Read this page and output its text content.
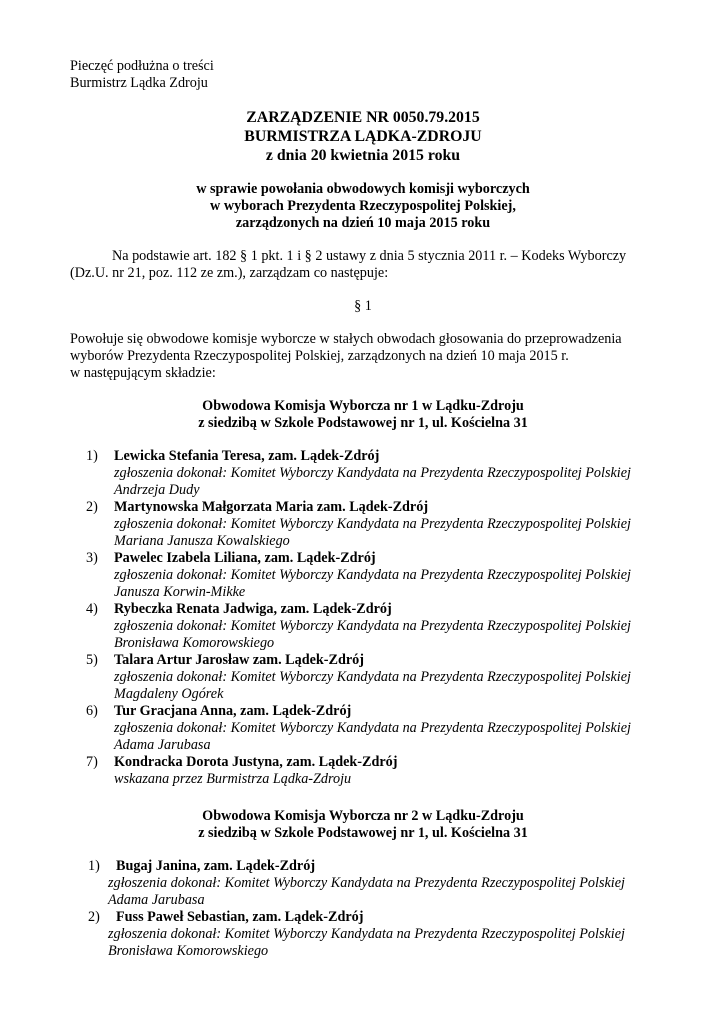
Pieczęć podłużna o treści
Burmistrz Lądka Zdroju
ZARZĄDZENIE NR 0050.79.2015
BURMISTRZA LĄDKA-ZDROJU
z dnia 20 kwietnia 2015 roku
w sprawie powołania obwodowych komisji wyborczych
w wyborach Prezydenta Rzeczypospolitej Polskiej,
zarządzonych na dzień 10 maja 2015 roku
Na podstawie art. 182 § 1 pkt. 1 i § 2 ustawy z dnia 5 stycznia 2011 r. – Kodeks Wyborczy
(Dz.U. nr 21, poz. 112 ze zm.), zarządzam co następuje:
§ 1
Powołuje się obwodowe komisje wyborcze w stałych obwodach głosowania do przeprowadzenia
wyborów Prezydenta Rzeczypospolitej Polskiej, zarządzonych na dzień 10 maja 2015 r.
w następującym składzie:
Obwodowa Komisja Wyborcza nr 1 w Lądku-Zdroju
z siedzibą w Szkole Podstawowej nr 1, ul. Kościelna 31
1)	Lewicka Stefania Teresa, zam. Lądek-Zdrój
zgłoszenia dokonał: Komitet Wyborczy Kandydata na Prezydenta Rzeczypospolitej Polskiej
Andrzeja Dudy
2)	Martynowska Małgorzata Maria zam. Lądek-Zdrój
zgłoszenia dokonał: Komitet Wyborczy Kandydata na Prezydenta Rzeczypospolitej Polskiej
Mariana Janusza Kowalskiego
3)	Pawelec Izabela Liliana, zam. Lądek-Zdrój
zgłoszenia dokonał: Komitet Wyborczy Kandydata na Prezydenta Rzeczypospolitej Polskiej
Janusza Korwin-Mikke
4)	Rybeczka Renata Jadwiga, zam. Lądek-Zdrój
zgłoszenia dokonał: Komitet Wyborczy Kandydata na Prezydenta Rzeczypospolitej Polskiej
Bronisława Komorowskiego
5)	Talara Artur Jarosław zam. Lądek-Zdrój
zgłoszenia dokonał: Komitet Wyborczy Kandydata na Prezydenta Rzeczypospolitej Polskiej
Magdaleny Ogórek
6)	Tur Gracjana Anna, zam. Lądek-Zdrój
zgłoszenia dokonał: Komitet Wyborczy Kandydata na Prezydenta Rzeczypospolitej Polskiej
Adama Jarubasa
7)	Kondracka Dorota Justyna, zam. Lądek-Zdrój
wskazana przez Burmistrza Lądka-Zdroju
Obwodowa Komisja Wyborcza nr 2 w Lądku-Zdroju
z siedzibą w Szkole Podstawowej nr 1, ul. Kościelna 31
1)	Bugaj Janina, zam. Lądek-Zdrój
zgłoszenia dokonał: Komitet Wyborczy Kandydata na Prezydenta Rzeczypospolitej Polskiej
Adama Jarubasa
2)	Fuss Paweł Sebastian, zam. Lądek-Zdrój
zgłoszenia dokonał: Komitet Wyborczy Kandydata na Prezydenta Rzeczypospolitej Polskiej
Bronisława Komorowskiego
